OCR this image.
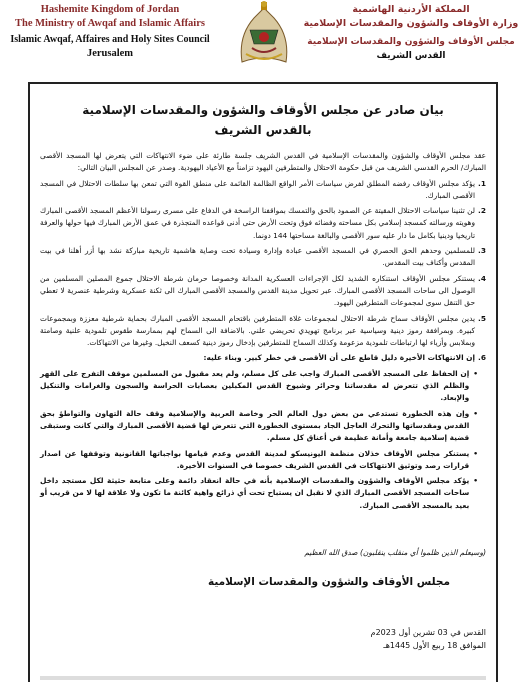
Hashemite Kingdom of Jordan
The Ministry of Awqaf and Islamic Affairs
Islamic Awqaf, Affaires and Holy Sites Council
Jerusalem
المملكة الأردنية الهاشمية
وزارة الأوقاف والشؤون والمقدسات الإسلامية
مجلس الأوقاف والشؤون والمقدسات الإسلامية
القدس الشريف
بيان صادر عن مجلس الأوقاف والشؤون والمقدسات الإسلامية
بالقدس الشريف

عقد مجلس الأوقاف والشؤون والمقدسات الإسلامية في القدس الشريف جلسة طارئة على ضوء الانتهاكات التي يتعرض لها المسجد الأقصى المبارك/ الحرم القدسي الشريف من قبل حكومة الاحتلال والمتطرفين اليهود تزامناً مع الأعياد اليهودية. وصدر عن المجلس البيان التالي:

1.
يؤكد مجلس الأوقاف رفضه المطلق لفرض سياسات الأمر الواقع الظالمة القائمة على منطق القوة التي تمعن بها سلطات الاحتلال في المسجد الأقصى المبارك.
2.
لن تثنينا سياسات الاحتلال المقيتة عن الصمود بالحق والتمسك بمواقفنا الراسخة في الدفاع على مسرى رسولنا الأعظم المسجد الأقصى المبارك وهويته ورسالته كمسجد إسلامي بكل مساحته وفضائه فوق وتحت الأرض حتى أدنى قواعده المتجذرة في عمق الأرض المبارك فيها حولها والعرفة تاريخيا ودينيا بكامل ما دار عليه سور الأقصى والبالغة مساحتها 144 دونما.
3.
للمسلمين وحدهم الحق الحصري في المسجد الأقصى عبادة وإدارة وسيادة تحت وصاية هاشمية تاريخية مباركة نشد بها أزر أهلنا في بيت المقدس وأكناف بيت المقدس.
4.
يستنكر مجلس الأوقاف استنكاره الشديد لكل الإجراءات العسكرية المدانة وخصوصا حرمان شرطة الاحتلال جموع المصلين المسلمين من الوصول الى ساحات المسجد الأقصى المبارك. عبر تحويل مدينة القدس والمسجد الأقصى المبارك الى ثكنة عسكرية وشرطية عنصرية لا تعطي حق التنقل سوى لمجموعات المتطرفين اليهود.
5.
يدين مجلس الأوقاف سماح شرطة الاحتلال لمجموعات غلاة المتطرفين باقتحام المسجد الأقصى المبارك بحماية شرطية معززة وبمجموعات كبيرة. وبمرافقة رموز دينية وسياسية عبر برنامج تهويدي تحريضي علني. بالاضافة الى السماح لهم بممارسة طقوس تلمودية علنية وصامتة وبملابس وأزياء لها ارتباطات تلمودية مزعومة وكذلك السماح للمتطرفين بإدخال رموز دينية كسعف النخيل. وغيرها من الانتهاكات.
6.
إن الانتهاكات الأخيرة دليل قاطع على أن الأقصى في خطر كبير. وبناء عليه:
•
إن الحفاظ على المسجد الأقصى المبارك واجب على كل مسلم، ولم يعد مقبول من المسلمين موقف التفرج على القهر والظلم الذي تتعرض له مقدساتنا وحرائر وشيوخ القدس المكبلين بعصابات الحراسة والسجون والغرامات والتنكيل والإبعاد.
•
وإن هذه الخطورة تستدعي من بعض دول العالم الحر وخاصة العربية والإسلامية وقف حالة التهاون والتواطؤ بحق القدس ومقدساتها والتحرك العاجل الجاد بمستوى الخطورة التي تتعرض لها قضية الأقصى المبارك والتي كانت وستبقى قضية إسلامية جامعة وأمانة عظيمة في أعناق كل مسلم.
•
يستنكر مجلس الأوقاف خذلان منظمة اليونيسكو لمدينة القدس وعدم قيامها بواجباتها القانونية وتوقفها عن اصدار قرارات رصد وتوثيق الانتهاكات في القدس الشريف خصوصا في السنوات الأخيرة.
•
يؤكد مجلس الأوقاف والشؤون والمقدسات الإسلامية بأنه في حالة انعقاد دائمة وعلى متابعة حثيثة لكل مستجد داخل ساحات المسجد الأقصى المبارك الذي لا نقبل ان يستباح تحت أي ذرائع واهية كائنة ما تكون ولا علاقة لها لا من قريب أو بعيد بالمسجد الأقصى المبارك.
(وسيعلم الذين ظلموا أي منقلب ينقلبون) صدق الله العظيم
مجلس الأوقاف والشؤون والمقدسات الإسلامية
القدس في 03 تشرين أول 2023م
الموافق 18 ربيع الأول 1445هـ
